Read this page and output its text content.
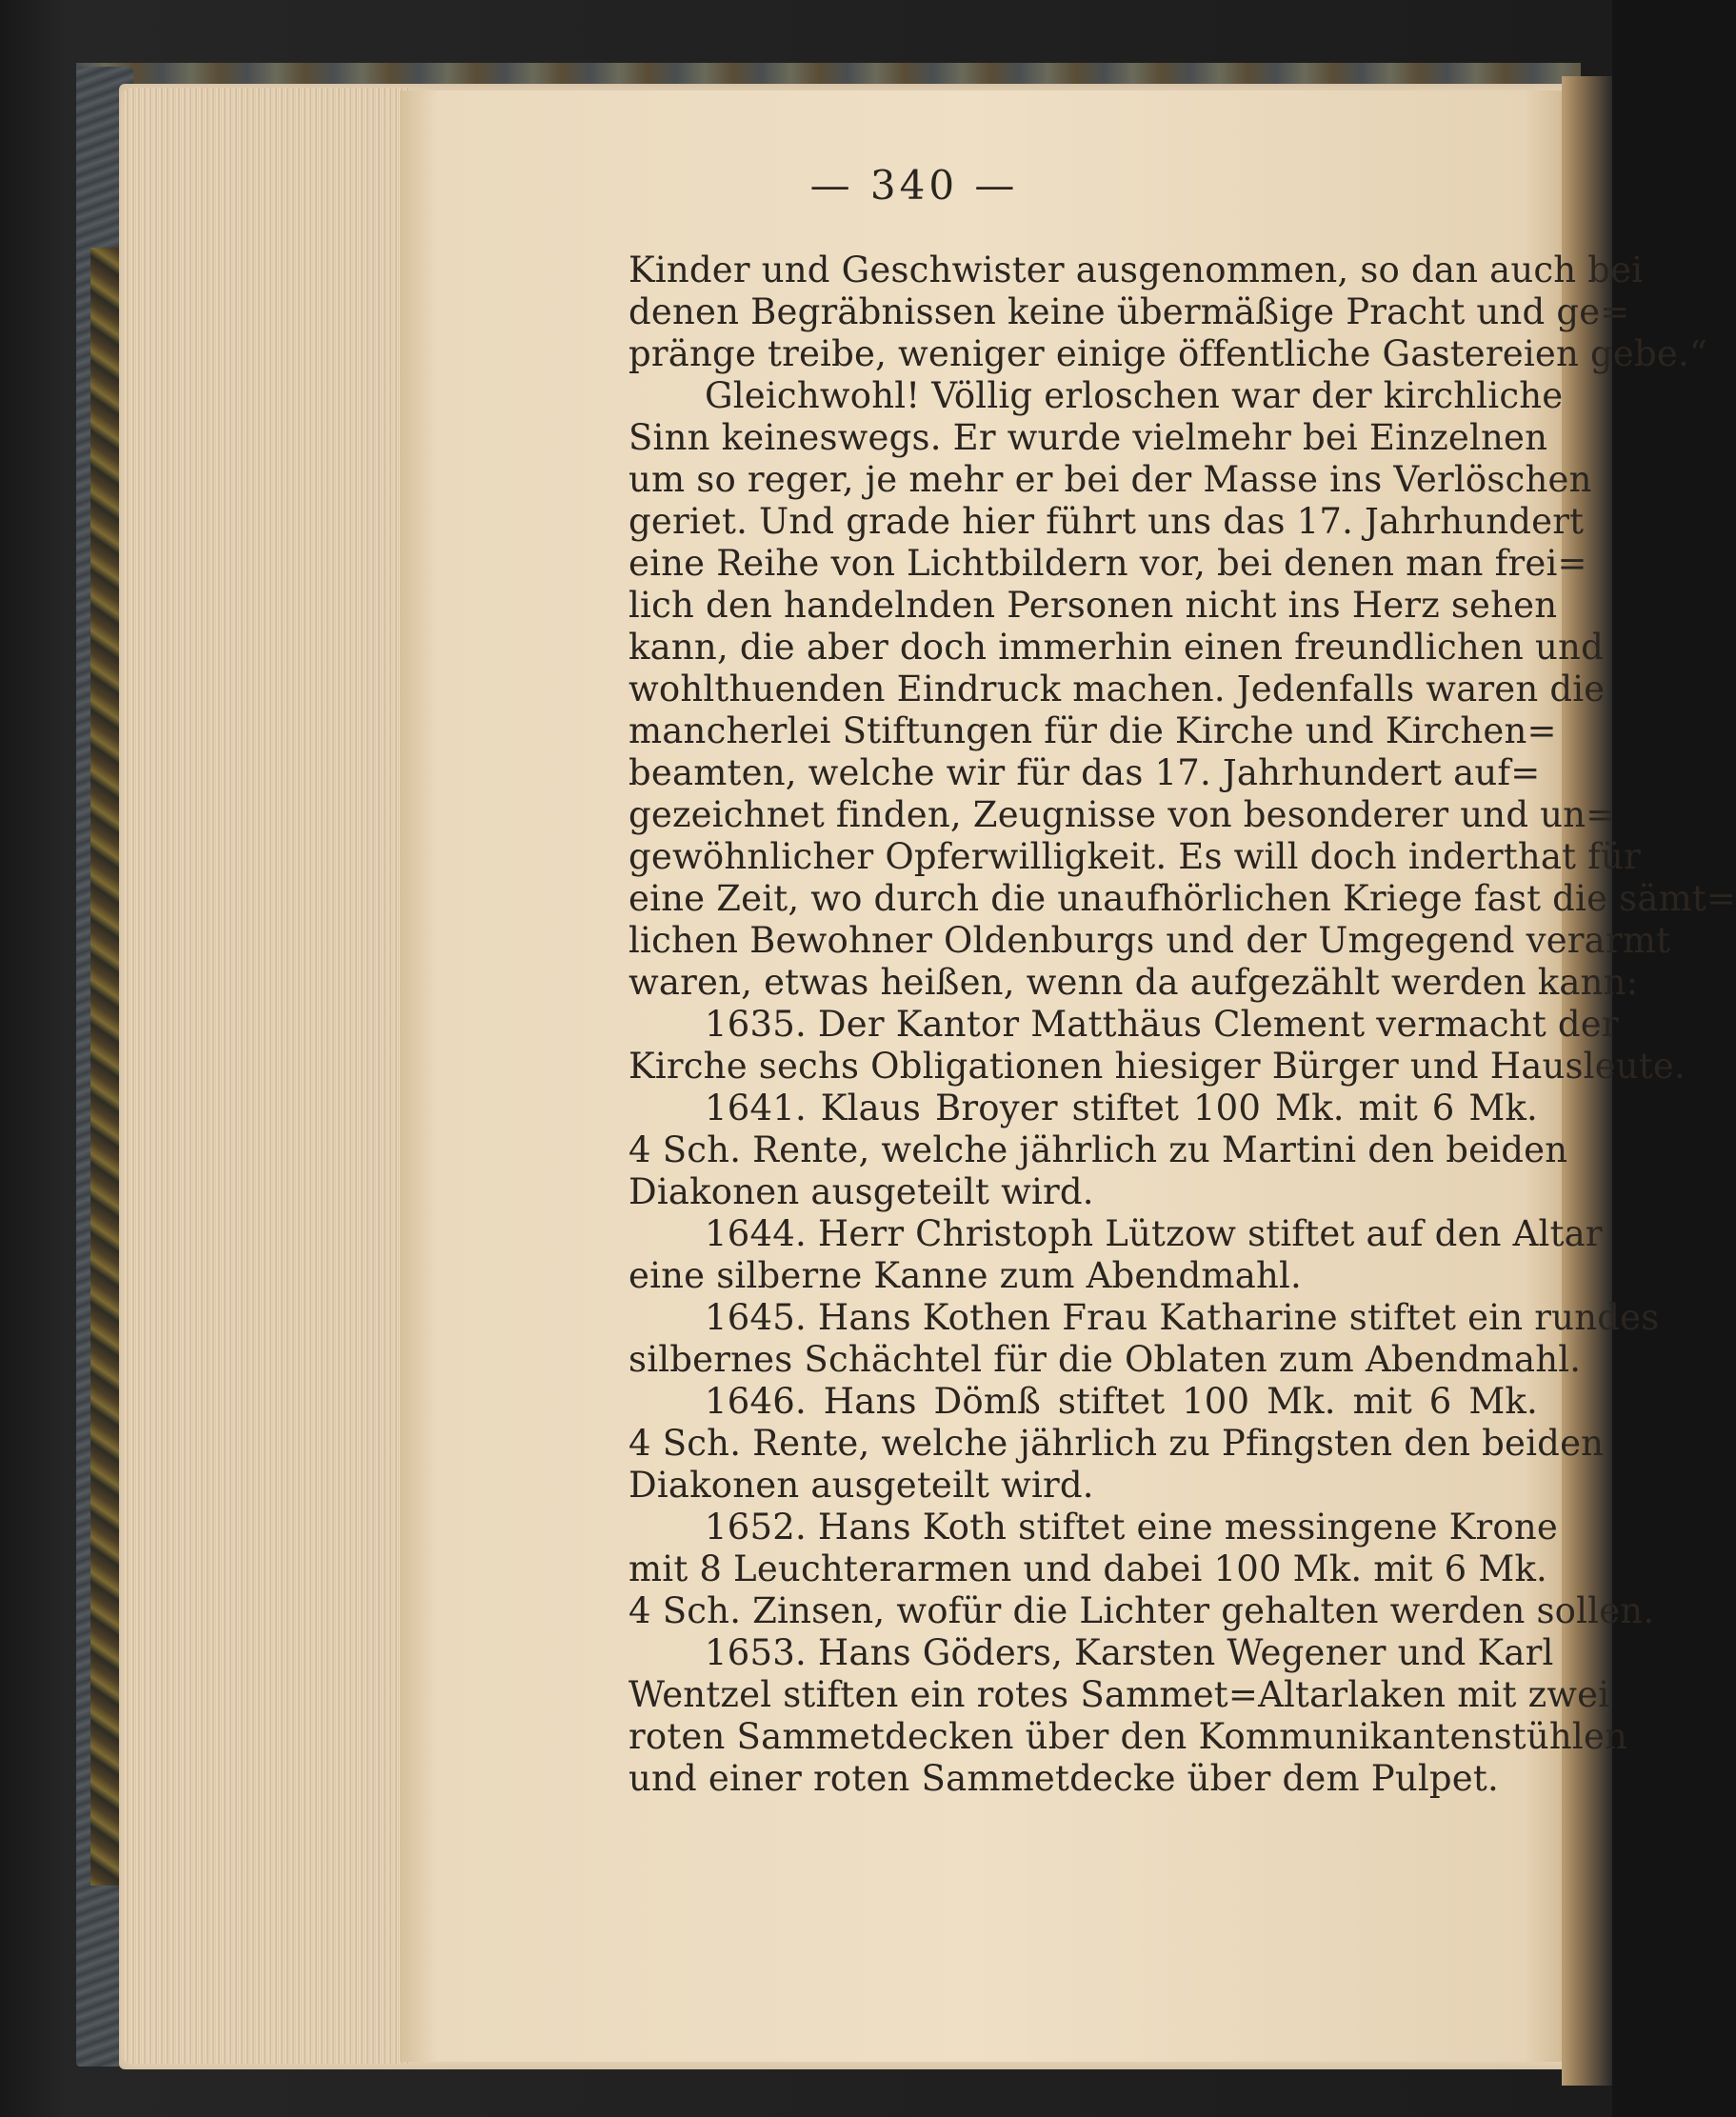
— 340 —
Kinder und Geschwister ausgenommen, so dan auch bei
denen Begräbnissen keine übermäßige Pracht und ge=
pränge treibe, weniger einige öffentliche Gastereien gebe.“
Gleichwohl! Völlig erloschen war der kirchliche
Sinn keineswegs. Er wurde vielmehr bei Einzelnen
um so reger, je mehr er bei der Masse ins Verlöschen
geriet. Und grade hier führt uns das 17. Jahrhundert
eine Reihe von Lichtbildern vor, bei denen man frei=
lich den handelnden Personen nicht ins Herz sehen
kann, die aber doch immerhin einen freundlichen und
wohlthuenden Eindruck machen. Jedenfalls waren die
mancherlei Stiftungen für die Kirche und Kirchen=
beamten, welche wir für das 17. Jahrhundert auf=
gezeichnet finden, Zeugnisse von besonderer und un=
gewöhnlicher Opferwilligkeit. Es will doch inderthat für
eine Zeit, wo durch die unaufhörlichen Kriege fast die sämt=
lichen Bewohner Oldenburgs und der Umgegend verarmt
waren, etwas heißen, wenn da aufgezählt werden kann:
1635. Der Kantor Matthäus Clement vermacht der
Kirche sechs Obligationen hiesiger Bürger und Hausleute.
1641. Klaus Broyer stiftet 100 Mk. mit 6 Mk.
4 Sch. Rente, welche jährlich zu Martini den beiden
Diakonen ausgeteilt wird.
1644. Herr Christoph Lützow stiftet auf den Altar
eine silberne Kanne zum Abendmahl.
1645. Hans Kothen Frau Katharine stiftet ein rundes
silbernes Schächtel für die Oblaten zum Abendmahl.
1646. Hans Dömß stiftet 100 Mk. mit 6 Mk.
4 Sch. Rente, welche jährlich zu Pfingsten den beiden
Diakonen ausgeteilt wird.
1652. Hans Koth stiftet eine messingene Krone
mit 8 Leuchterarmen und dabei 100 Mk. mit 6 Mk.
4 Sch. Zinsen, wofür die Lichter gehalten werden sollen.
1653. Hans Göders, Karsten Wegener und Karl
Wentzel stiften ein rotes Sammet=Altarlaken mit zwei
roten Sammetdecken über den Kommunikantenstühlen
und einer roten Sammetdecke über dem Pulpet.
